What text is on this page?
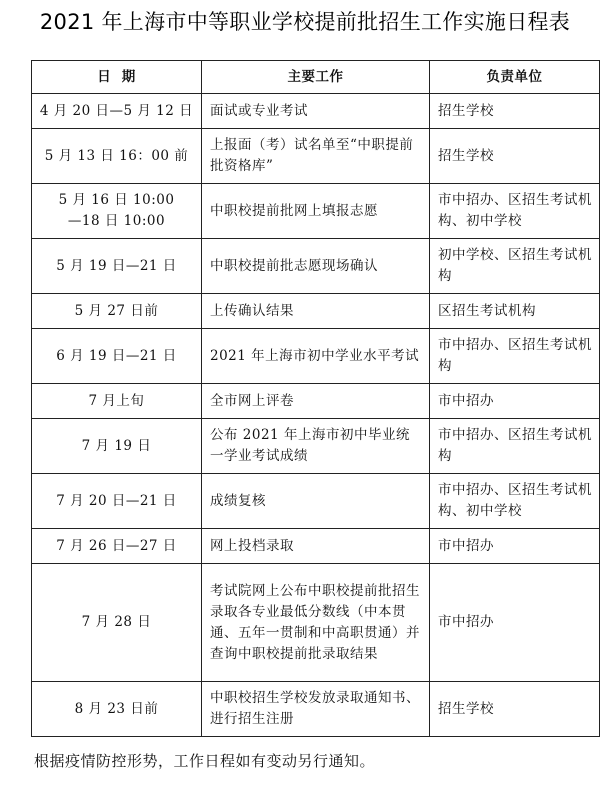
2021 年上海市中等职业学校提前批招生工作实施日程表
日  期	主要工作	负责单位
4 月 20 日—5 月 12 日	面试或专业考试	招生学校
5 月 13 日 16：00 前	上报面（考）试名单至“中职提前批资格库”	招生学校
5 月 16 日 10:00
—18 日 10:00	中职校提前批网上填报志愿	市中招办、区招生考试机构、初中学校
5 月 19 日—21 日	中职校提前批志愿现场确认	初中学校、区招生考试机构
5 月 27 日前	上传确认结果	区招生考试机构
6 月 19 日—21 日	2021 年上海市初中学业水平考试	市中招办、区招生考试机构
7 月上旬	全市网上评卷	市中招办
7 月 19 日	公布 2021 年上海市初中毕业统一学业考试成绩	市中招办、区招生考试机构
7 月 20 日—21 日	成绩复核	市中招办、区招生考试机构、初中学校
7 月 26 日—27 日	网上投档录取	市中招办
7 月 28 日	考试院网上公布中职校提前批招生录取各专业最低分数线（中本贯通、五年一贯制和中高职贯通）并查询中职校提前批录取结果	市中招办
8 月 23 日前	中职校招生学校发放录取通知书、进行招生注册	招生学校
根据疫情防控形势，工作日程如有变动另行通知。
